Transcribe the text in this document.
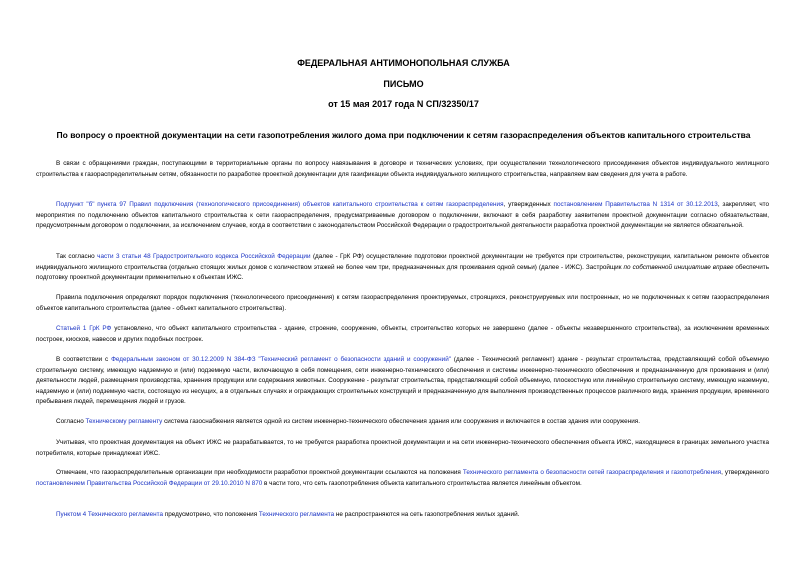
ФЕДЕРАЛЬНАЯ АНТИМОНОПОЛЬНАЯ СЛУЖБА
ПИСЬМО
от 15 мая 2017 года N СП/32350/17
По вопросу о проектной документации на сети газопотребления жилого дома при подключении к сетям газораспределения объектов капитального строительства

В связи с обращениями граждан, поступающими в территориальные органы по вопросу навязывания в договоре и технических условиях, при осуществлении технологического присоединения объектов индивидуального жилищного строительства к газораспределительным сетям, обязанности по разработке проектной документации для газификации объекта индивидуального жилищного строительства, направляем вам сведения для учета в работе.

Подпункт "б" пункта 97 Правил подключения (технологического присоединения) объектов капитального строительства к сетям газораспределения, утвержденных постановлением Правительства N 1314 от 30.12.2013, закрепляет, что мероприятия по подключению объектов капитального строительства к сети газораспределения, предусматриваемые договором о подключении, включают в себя разработку заявителем проектной документации согласно обязательствам, предусмотренным договором о подключении, за исключением случаев, когда в соответствии с законодательством Российской Федерации о градостроительной деятельности разработка проектной документации не является обязательной.

Так согласно части 3 статьи 48 Градостроительного кодекса Российской Федерации (далее - ГрК РФ) осуществление подготовки проектной документации не требуется при строительстве, реконструкции, капитальном ремонте объектов индивидуального жилищного строительства (отдельно стоящих жилых домов с количеством этажей не более чем три, предназначенных для проживания одной семьи) (далее - ИЖС). Застройщик по собственной инициативе вправе обеспечить подготовку проектной документации применительно к объектам ИЖС.

Правила подключения определяют порядок подключения (технологического присоединения) к сетям газораспределения проектируемых, строящихся, реконструируемых или построенных, но не подключенных к сетям газораспределения объектов капитального строительства (далее - объект капитального строительства).

Статьей 1 ГрК РФ установлено, что объект капитального строительства - здание, строение, сооружение, объекты, строительство которых не завершено (далее - объекты незавершенного строительства), за исключением временных построек, киосков, навесов и других подобных построек.

В соответствии с Федеральным законом от 30.12.2009 N 384-ФЗ "Технический регламент о безопасности зданий и сооружений" (далее - Технический регламент) здание - результат строительства, представляющий собой объемную строительную систему, имеющую надземную и (или) подземную части, включающую в себя помещения, сети инженерно-технического обеспечения и системы инженерно-технического обеспечения и предназначенную для проживания и (или) деятельности людей, размещения производства, хранения продукции или содержания животных. Сооружение - результат строительства, представляющий собой объемную, плоскостную или линейную строительную систему, имеющую наземную, надземную и (или) подземную части, состоящую из несущих, а в отдельных случаях и ограждающих строительных конструкций и предназначенную для выполнения производственных процессов различного вида, хранения продукции, временного пребывания людей, перемещения людей и грузов.

Согласно Техническому регламенту система газоснабжения является одной из систем инженерно-технического обеспечения здания или сооружения и включается в состав здания или сооружения.

Учитывая, что проектная документация на объект ИЖС не разрабатывается, то не требуется разработка проектной документации и на сети инженерно-технического обеспечения объекта ИЖС, находящиеся в границах земельного участка потребителя, которые принадлежат ИЖС.

Отмечаем, что газораспределительные организации при необходимости разработки проектной документации ссылаются на положения Технического регламента о безопасности сетей газораспределения и газопотребления, утвержденного постановлением Правительства Российской Федерации от 29.10.2010 N 870 в части того, что сеть газопотребления объекта капитального строительства является линейным объектом.

Пунктом 4 Технического регламента предусмотрено, что положения Технического регламента не распространяются на сеть газопотребления жилых зданий.
